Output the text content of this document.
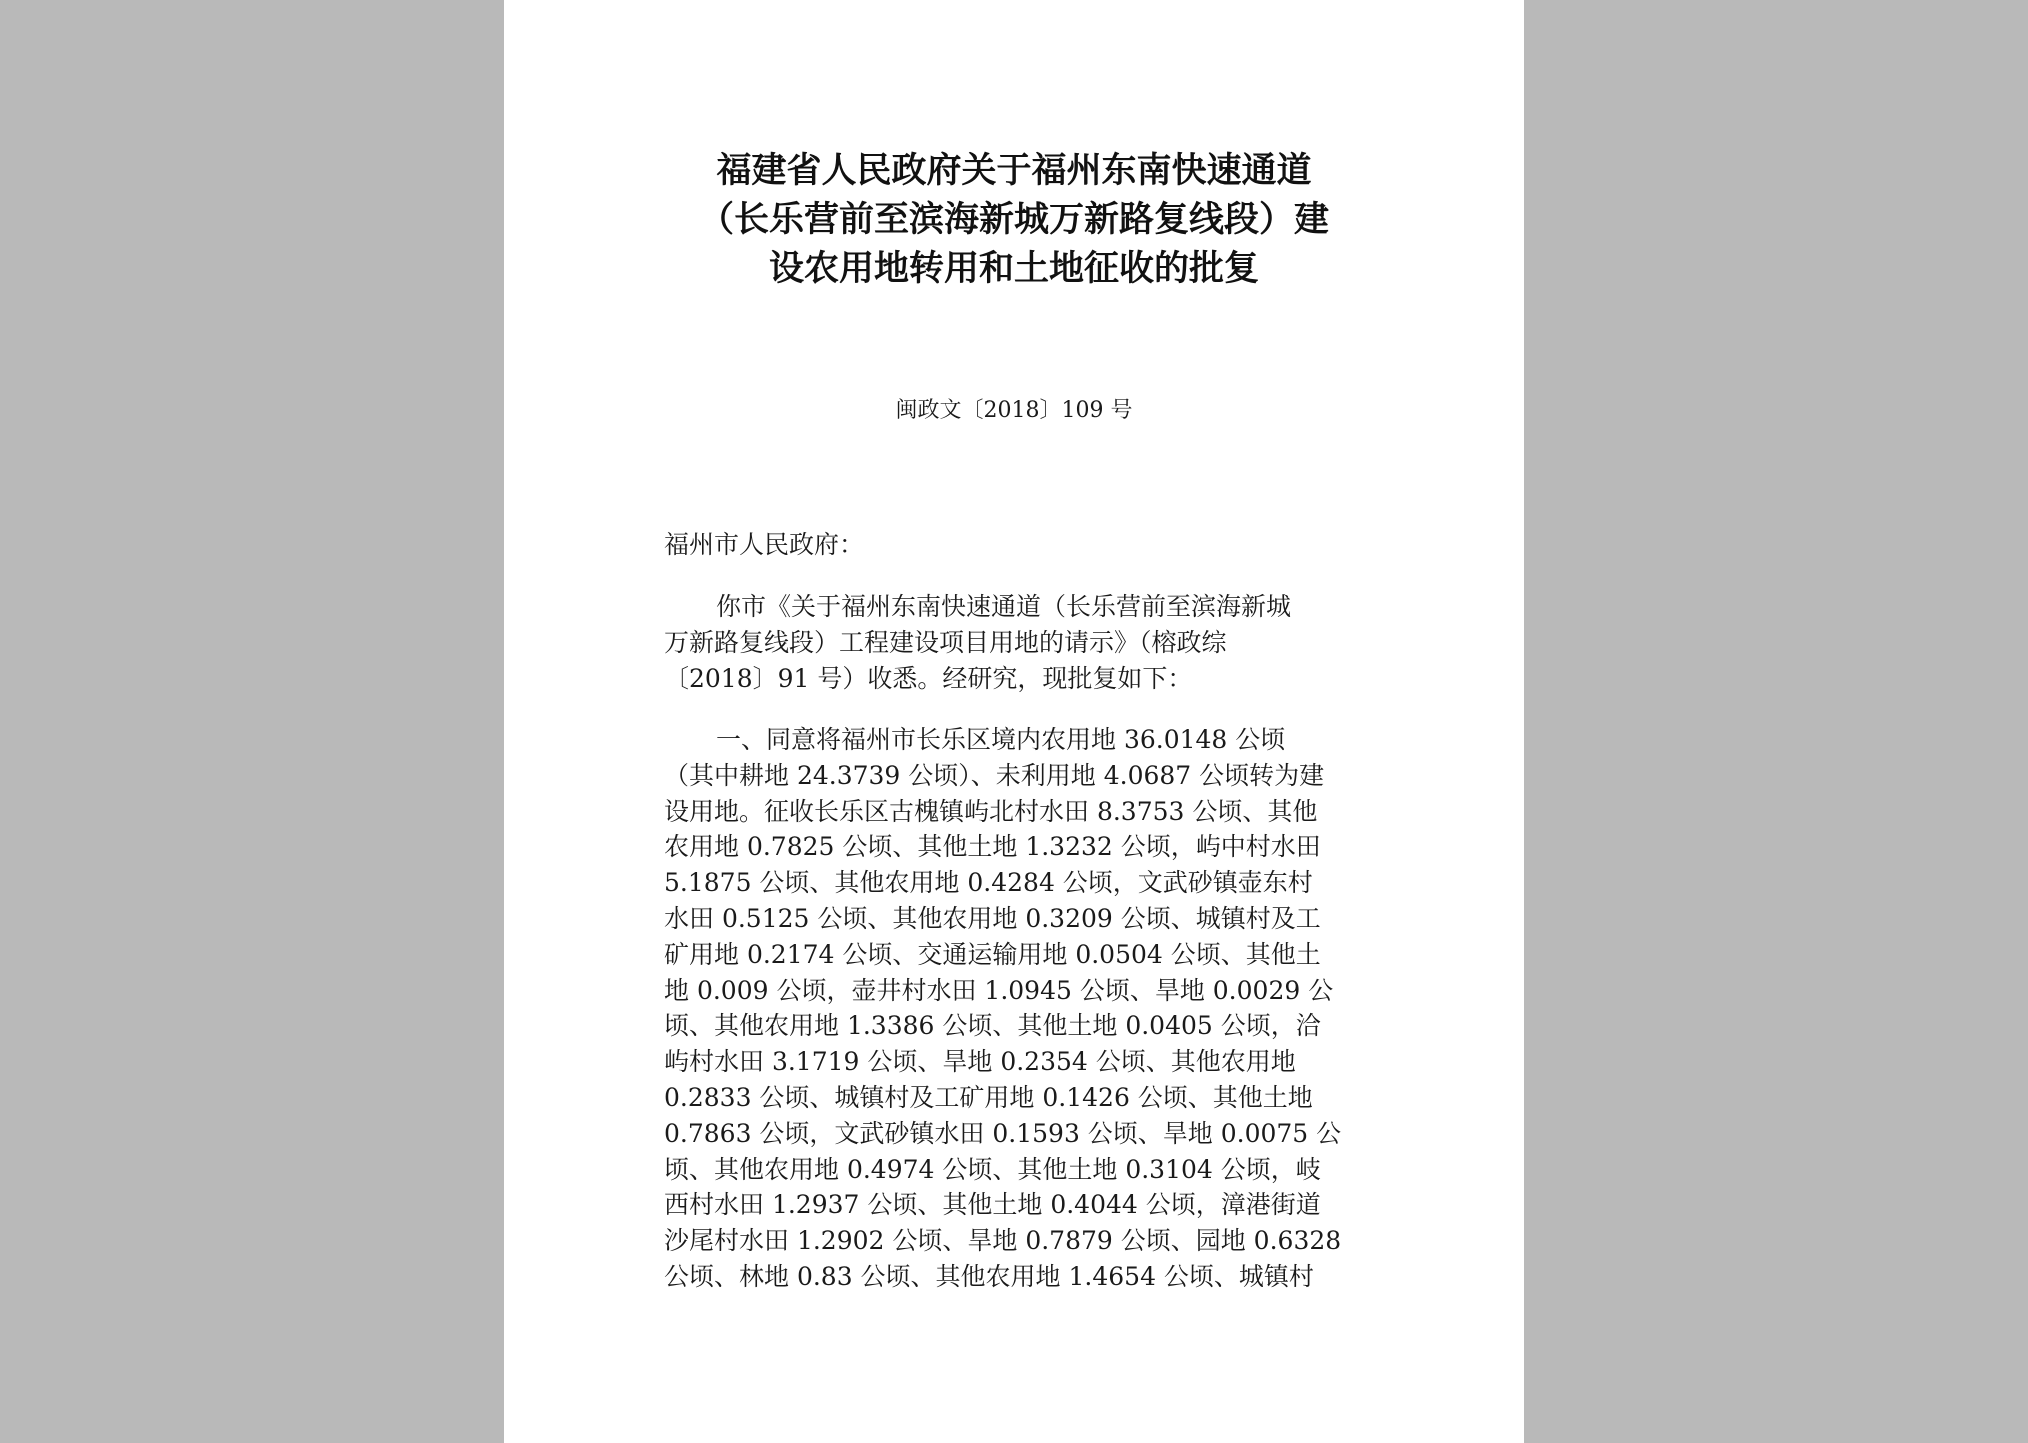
福建省人民政府关于福州东南快速通道
（长乐营前至滨海新城万新路复线段）建
设农用地转用和土地征收的批复
闽政文〔2018〕109 号
福州市人民政府：
你市《关于福州东南快速通道（长乐营前至滨海新城
万新路复线段）工程建设项目用地的请示》（榕政综
〔2018〕91 号）收悉。经研究，现批复如下：
一、同意将福州市长乐区境内农用地 36.0148 公顷
（其中耕地 24.3739 公顷）、未利用地 4.0687 公顷转为建
设用地。征收长乐区古槐镇屿北村水田 8.3753 公顷、其他
农用地 0.7825 公顷、其他土地 1.3232 公顷，屿中村水田
5.1875 公顷、其他农用地 0.4284 公顷，文武砂镇壶东村
水田 0.5125 公顷、其他农用地 0.3209 公顷、城镇村及工
矿用地 0.2174 公顷、交通运输用地 0.0504 公顷、其他土
地 0.009 公顷，壶井村水田 1.0945 公顷、旱地 0.0029 公
顷、其他农用地 1.3386 公顷、其他土地 0.0405 公顷，洽
屿村水田 3.1719 公顷、旱地 0.2354 公顷、其他农用地
0.2833 公顷、城镇村及工矿用地 0.1426 公顷、其他土地
0.7863 公顷，文武砂镇水田 0.1593 公顷、旱地 0.0075 公
顷、其他农用地 0.4974 公顷、其他土地 0.3104 公顷，岐
西村水田 1.2937 公顷、其他土地 0.4044 公顷，漳港街道
沙尾村水田 1.2902 公顷、旱地 0.7879 公顷、园地 0.6328
公顷、林地 0.83 公顷、其他农用地 1.4654 公顷、城镇村
